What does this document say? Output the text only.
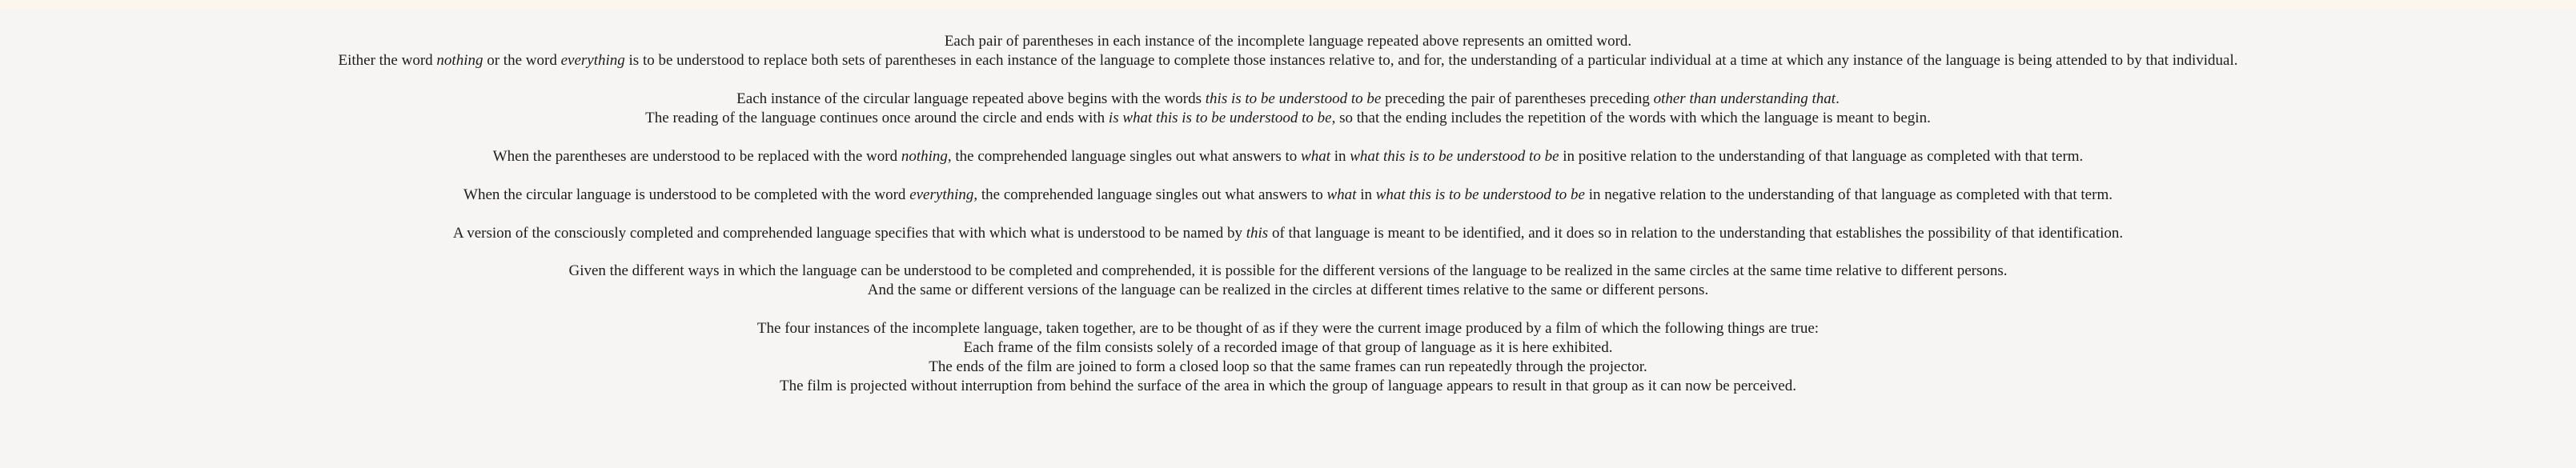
Each pair of parentheses in each instance of the incomplete language repeated above represents an omitted word.
Either the word nothing or the word everything is to be understood to replace both sets of parentheses in each instance of the language to complete those instances relative to, and for, the understanding of a particular individual at a time at which any instance of the language is being attended to by that individual.
Each instance of the circular language repeated above begins with the words this is to be understood to be preceding the pair of parentheses preceding other than understanding that.
The reading of the language continues once around the circle and ends with is what this is to be understood to be, so that the ending includes the repetition of the words with which the language is meant to begin.
When the parentheses are understood to be replaced with the word nothing, the comprehended language singles out what answers to what in what this is to be understood to be in positive relation to the understanding of that language as completed with that term.
When the circular language is understood to be completed with the word everything, the comprehended language singles out what answers to what in what this is to be understood to be in negative relation to the understanding of that language as completed with that term.
A version of the consciously completed and comprehended language specifies that with which what is understood to be named by this of that language is meant to be identified, and it does so in relation to the understanding that establishes the possibility of that identification.
Given the different ways in which the language can be understood to be completed and comprehended, it is possible for the different versions of the language to be realized in the same circles at the same time relative to different persons.
And the same or different versions of the language can be realized in the circles at different times relative to the same or different persons.
The four instances of the incomplete language, taken together, are to be thought of as if they were the current image produced by a film of which the following things are true:
Each frame of the film consists solely of a recorded image of that group of language as it is here exhibited.
The ends of the film are joined to form a closed loop so that the same frames can run repeatedly through the projector.
The film is projected without interruption from behind the surface of the area in which the group of language appears to result in that group as it can now be perceived.
